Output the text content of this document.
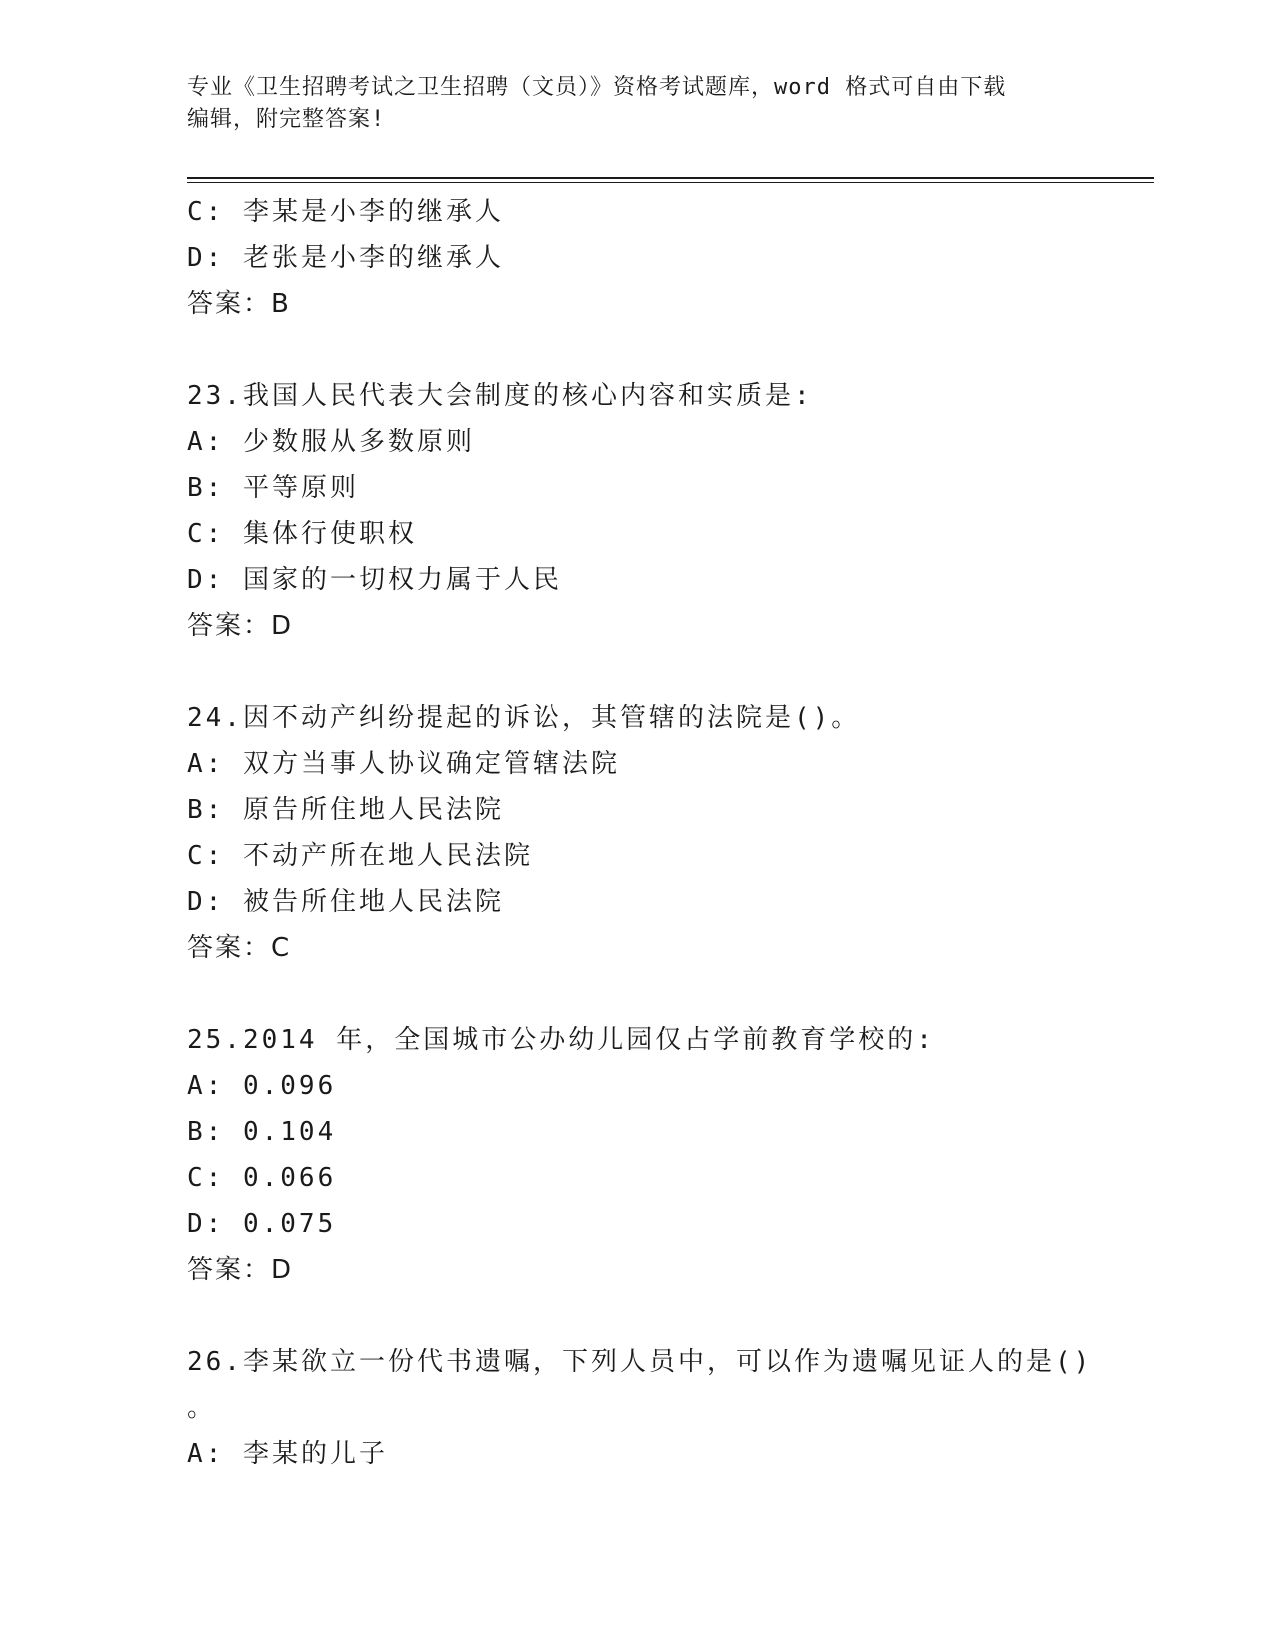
专业《卫生招聘考试之卫生招聘（文员）》资格考试题库，word 格式可自由下载
编辑，附完整答案!
C: 李某是小李的继承人
D: 老张是小李的继承人
答案：B
23.我国人民代表大会制度的核心内容和实质是:
A: 少数服从多数原则
B: 平等原则
C: 集体行使职权
D: 国家的一切权力属于人民
答案：D
24.因不动产纠纷提起的诉讼，其管辖的法院是()。
A: 双方当事人协议确定管辖法院
B: 原告所住地人民法院
C: 不动产所在地人民法院
D: 被告所住地人民法院
答案：C
25.2014 年，全国城市公办幼儿园仅占学前教育学校的:
A: 0.096
B: 0.104
C: 0.066
D: 0.075
答案：D
26.李某欲立一份代书遗嘱，下列人员中，可以作为遗嘱见证人的是()
。
A: 李某的儿子
